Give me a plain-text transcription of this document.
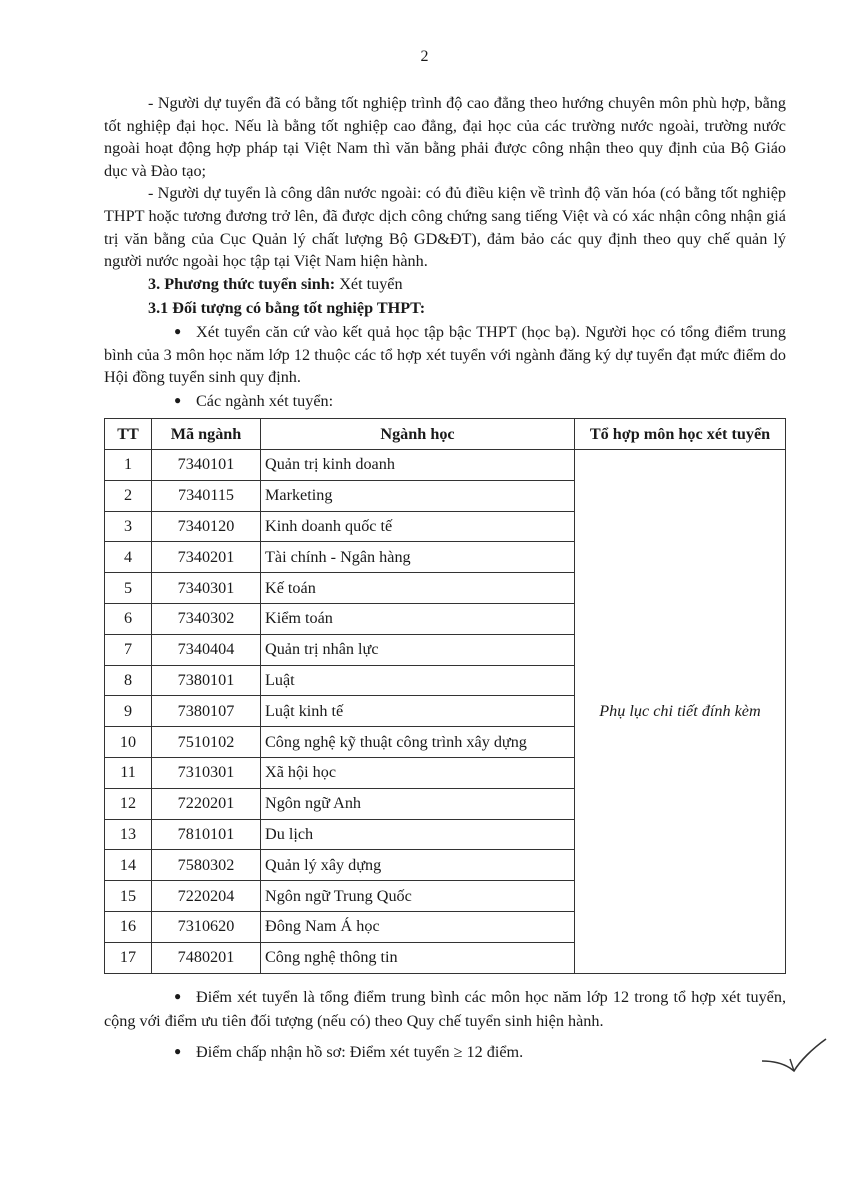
2

- Người dự tuyển đã có bằng tốt nghiệp trình độ cao đẳng theo hướng chuyên môn phù hợp, bằng tốt nghiệp đại học. Nếu là bằng tốt nghiệp cao đẳng, đại học của các trường nước ngoài, trường nước ngoài hoạt động hợp pháp tại Việt Nam thì văn bằng phải được công nhận theo quy định của Bộ Giáo dục và Đào tạo;

- Người dự tuyển là công dân nước ngoài: có đủ điều kiện về trình độ văn hóa (có bằng tốt nghiệp THPT hoặc tương đương trở lên, đã được dịch công chứng sang tiếng Việt và có xác nhận công nhận giá trị văn bằng của Cục Quản lý chất lượng Bộ GD&ĐT), đảm bảo các quy định theo quy chế quản lý người nước ngoài học tập tại Việt Nam hiện hành.

3. Phương thức tuyển sinh: Xét tuyển

3.1 Đối tượng có bằng tốt nghiệp THPT:

● Xét tuyển căn cứ vào kết quả học tập bậc THPT (học bạ). Người học có tổng điểm trung bình của 3 môn học năm lớp 12 thuộc các tổ hợp xét tuyển với ngành đăng ký dự tuyển đạt mức điểm do Hội đồng tuyển sinh quy định.

● Các ngành xét tuyển:

TT	Mã ngành	Ngành học	Tổ hợp môn học xét tuyển
1	7340101	Quản trị kinh doanh	Phụ lục chi tiết đính kèm
2	7340115	Marketing	
3	7340120	Kinh doanh quốc tế	
4	7340201	Tài chính - Ngân hàng	
5	7340301	Kế toán	
6	7340302	Kiểm toán	
7	7340404	Quản trị nhân lực	
8	7380101	Luật	
9	7380107	Luật kinh tế	
10	7510102	Công nghệ kỹ thuật công trình xây dựng	
11	7310301	Xã hội học	
12	7220201	Ngôn ngữ Anh	
13	7810101	Du lịch	
14	7580302	Quản lý xây dựng	
15	7220204	Ngôn ngữ Trung Quốc	
16	7310620	Đông Nam Á học	
17	7480201	Công nghệ thông tin	

● Điểm xét tuyển là tổng điểm trung bình các môn học năm lớp 12 trong tổ hợp xét tuyển, cộng với điểm ưu tiên đối tượng (nếu có) theo Quy chế tuyển sinh hiện hành.

● Điểm chấp nhận hồ sơ: Điểm xét tuyển ≥ 12 điểm.
